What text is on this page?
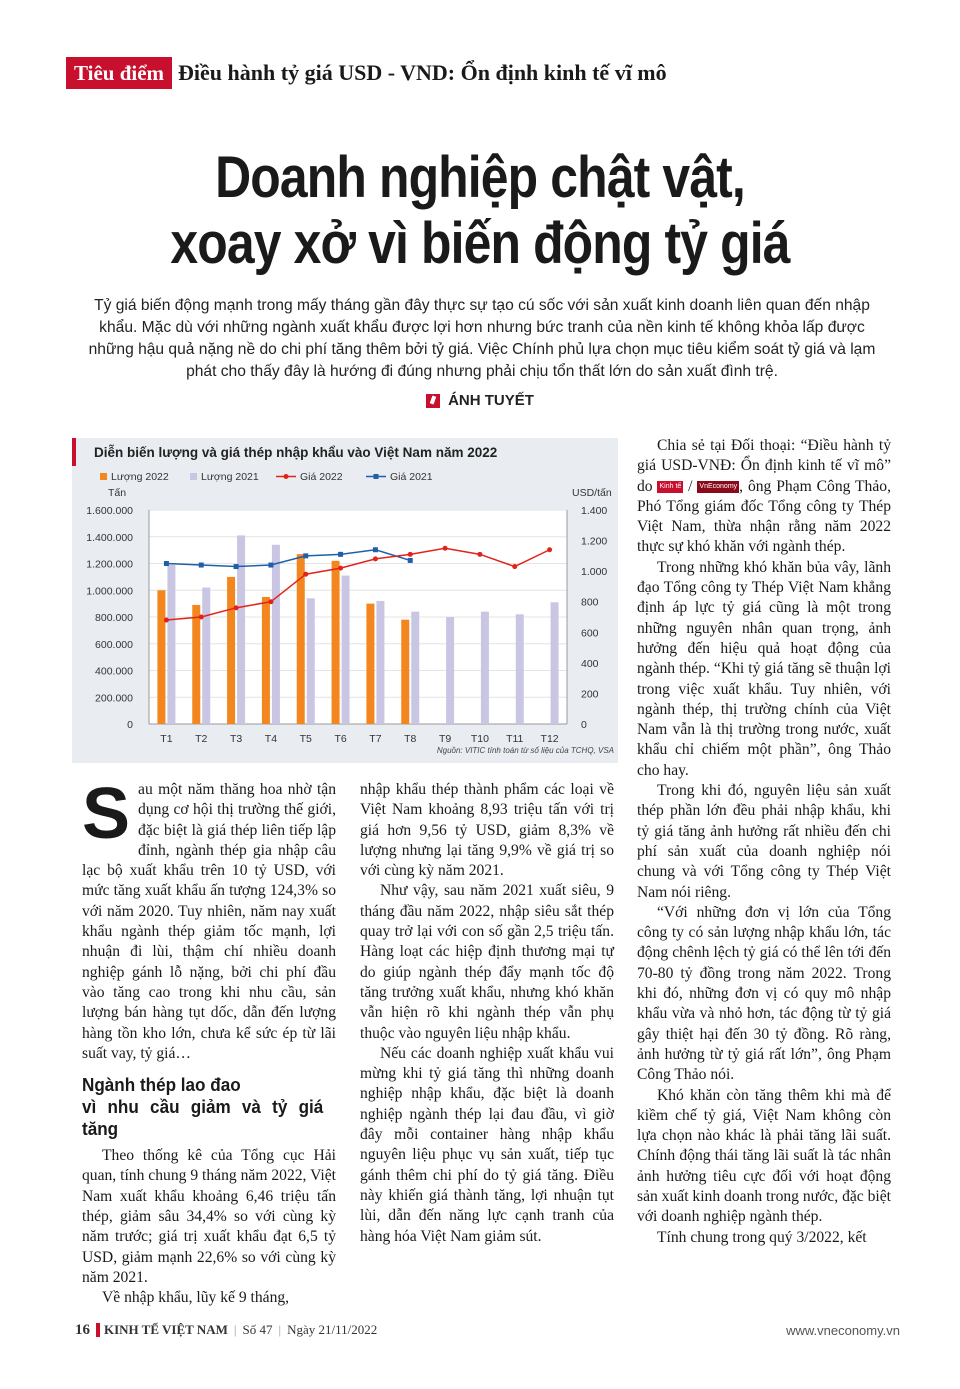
Tiêu điểm Điều hành tỷ giá USD - VND: Ổn định kinh tế vĩ mô
Doanh nghiệp chật vật,
xoay xở vì biến động tỷ giá
Tỷ giá biến động mạnh trong mấy tháng gần đây thực sự tạo cú sốc với sản xuất kinh doanh liên quan đến nhập khẩu. Mặc dù với những ngành xuất khẩu được lợi hơn nhưng bức tranh của nền kinh tế không khỏa lấp được những hậu quả nặng nề do chi phí tăng thêm bởi tỷ giá. Việc Chính phủ lựa chọn mục tiêu kiểm soát tỷ giá và lạm phát cho thấy đây là hướng đi đúng nhưng phải chịu tổn thất lớn do sản xuất đình trệ.
ÁNH TUYẾT
Diễn biến lượng và giá thép nhập khẩu vào Việt Nam năm 2022
Lượng 2022	Lượng 2021	Giá 2022	Giá 2021
Tấn	USD/tấn
0
200.000
400.000
600.000
800.000
1.000.000
1.200.000
1.400.000
1.600.000
0
200
400
600
800
1.000
1.200
1.400
T1 T2 T3 T4 T5 T6 T7 T8 T9 T10 T11 T12
Nguồn: VITIC tính toán từ số liệu của TCHQ, VSA

Sau một năm thăng hoa nhờ tận dụng cơ hội thị trường thế giới, đặc biệt là giá thép liên tiếp lập đỉnh, ngành thép gia nhập câu lạc bộ xuất khẩu trên 10 tỷ USD, với mức tăng xuất khẩu ấn tượng 124,3% so với năm 2020. Tuy nhiên, năm nay xuất khẩu ngành thép giảm tốc mạnh, lợi nhuận đi lùi, thậm chí nhiều doanh nghiệp gánh lỗ nặng, bởi chi phí đầu vào tăng cao trong khi nhu cầu, sản lượng bán hàng tụt dốc, dẫn đến lượng hàng tồn kho lớn, chưa kể sức ép từ lãi suất vay, tỷ giá…

Ngành thép lao đao
vì nhu cầu giảm và tỷ giá tăng

Theo thống kê của Tổng cục Hải quan, tính chung 9 tháng năm 2022, Việt Nam xuất khẩu khoảng 6,46 triệu tấn thép, giảm sâu 34,4% so với cùng kỳ năm trước; giá trị xuất khẩu đạt 6,5 tỷ USD, giảm mạnh 22,6% so với cùng kỳ năm 2021.

Về nhập khẩu, lũy kế 9 tháng,

nhập khẩu thép thành phẩm các loại về Việt Nam khoảng 8,93 triệu tấn với trị giá hơn 9,56 tỷ USD, giảm 8,3% về lượng nhưng lại tăng 9,9% về giá trị so với cùng kỳ năm 2021.

Như vậy, sau năm 2021 xuất siêu, 9 tháng đầu năm 2022, nhập siêu sắt thép quay trở lại với con số gần 2,5 triệu tấn. Hàng loạt các hiệp định thương mại tự do giúp ngành thép đẩy mạnh tốc độ tăng trưởng xuất khẩu, nhưng khó khăn vẫn hiện rõ khi ngành thép vẫn phụ thuộc vào nguyên liệu nhập khẩu.

Nếu các doanh nghiệp xuất khẩu vui mừng khi tỷ giá tăng thì những doanh nghiệp nhập khẩu, đặc biệt là doanh nghiệp ngành thép lại đau đầu, vì giờ đây mỗi container hàng nhập khẩu nguyên liệu phục vụ sản xuất, tiếp tục gánh thêm chi phí do tỷ giá tăng. Điều này khiến giá thành tăng, lợi nhuận tụt lùi, dẫn đến năng lực cạnh tranh của hàng hóa Việt Nam giảm sút.

Chia sẻ tại Đối thoại: “Điều hành tỷ giá USD-VNĐ: Ổn định kinh tế vĩ mô” do Kinh tế / VnEconomy , ông Phạm Công Thảo, Phó Tổng giám đốc Tổng công ty Thép Việt Nam, thừa nhận rằng năm 2022 thực sự khó khăn với ngành thép.

Trong những khó khăn bủa vây, lãnh đạo Tổng công ty Thép Việt Nam khẳng định áp lực tỷ giá cũng là một trong những nguyên nhân quan trọng, ảnh hưởng đến hiệu quả hoạt động của ngành thép. “Khi tỷ giá tăng sẽ thuận lợi trong việc xuất khẩu. Tuy nhiên, với ngành thép, thị trường chính của Việt Nam vẫn là thị trường trong nước, xuất khẩu chỉ chiếm một phần”, ông Thảo cho hay.

Trong khi đó, nguyên liệu sản xuất thép phần lớn đều phải nhập khẩu, khi tỷ giá tăng ảnh hưởng rất nhiều đến chi phí sản xuất của doanh nghiệp nói chung và với Tổng công ty Thép Việt Nam nói riêng.

“Với những đơn vị lớn của Tổng công ty có sản lượng nhập khẩu lớn, tác động chênh lệch tỷ giá có thể lên tới đến 70-80 tỷ đồng trong năm 2022. Trong khi đó, những đơn vị có quy mô nhập khẩu vừa và nhỏ hơn, tác động từ tỷ giá gây thiệt hại đến 30 tỷ đồng. Rõ ràng, ảnh hưởng từ tỷ giá rất lớn”, ông Phạm Công Thảo nói.

Khó khăn còn tăng thêm khi mà để kiềm chế tỷ giá, Việt Nam không còn lựa chọn nào khác là phải tăng lãi suất. Chính động thái tăng lãi suất là tác nhân ảnh hưởng tiêu cực đối với hoạt động sản xuất kinh doanh trong nước, đặc biệt với doanh nghiệp ngành thép.

Tính chung trong quý 3/2022, kết

16 KINH TẾ VIỆT NAM | Số 47 | Ngày 21/11/2022	www.vneconomy.vn
